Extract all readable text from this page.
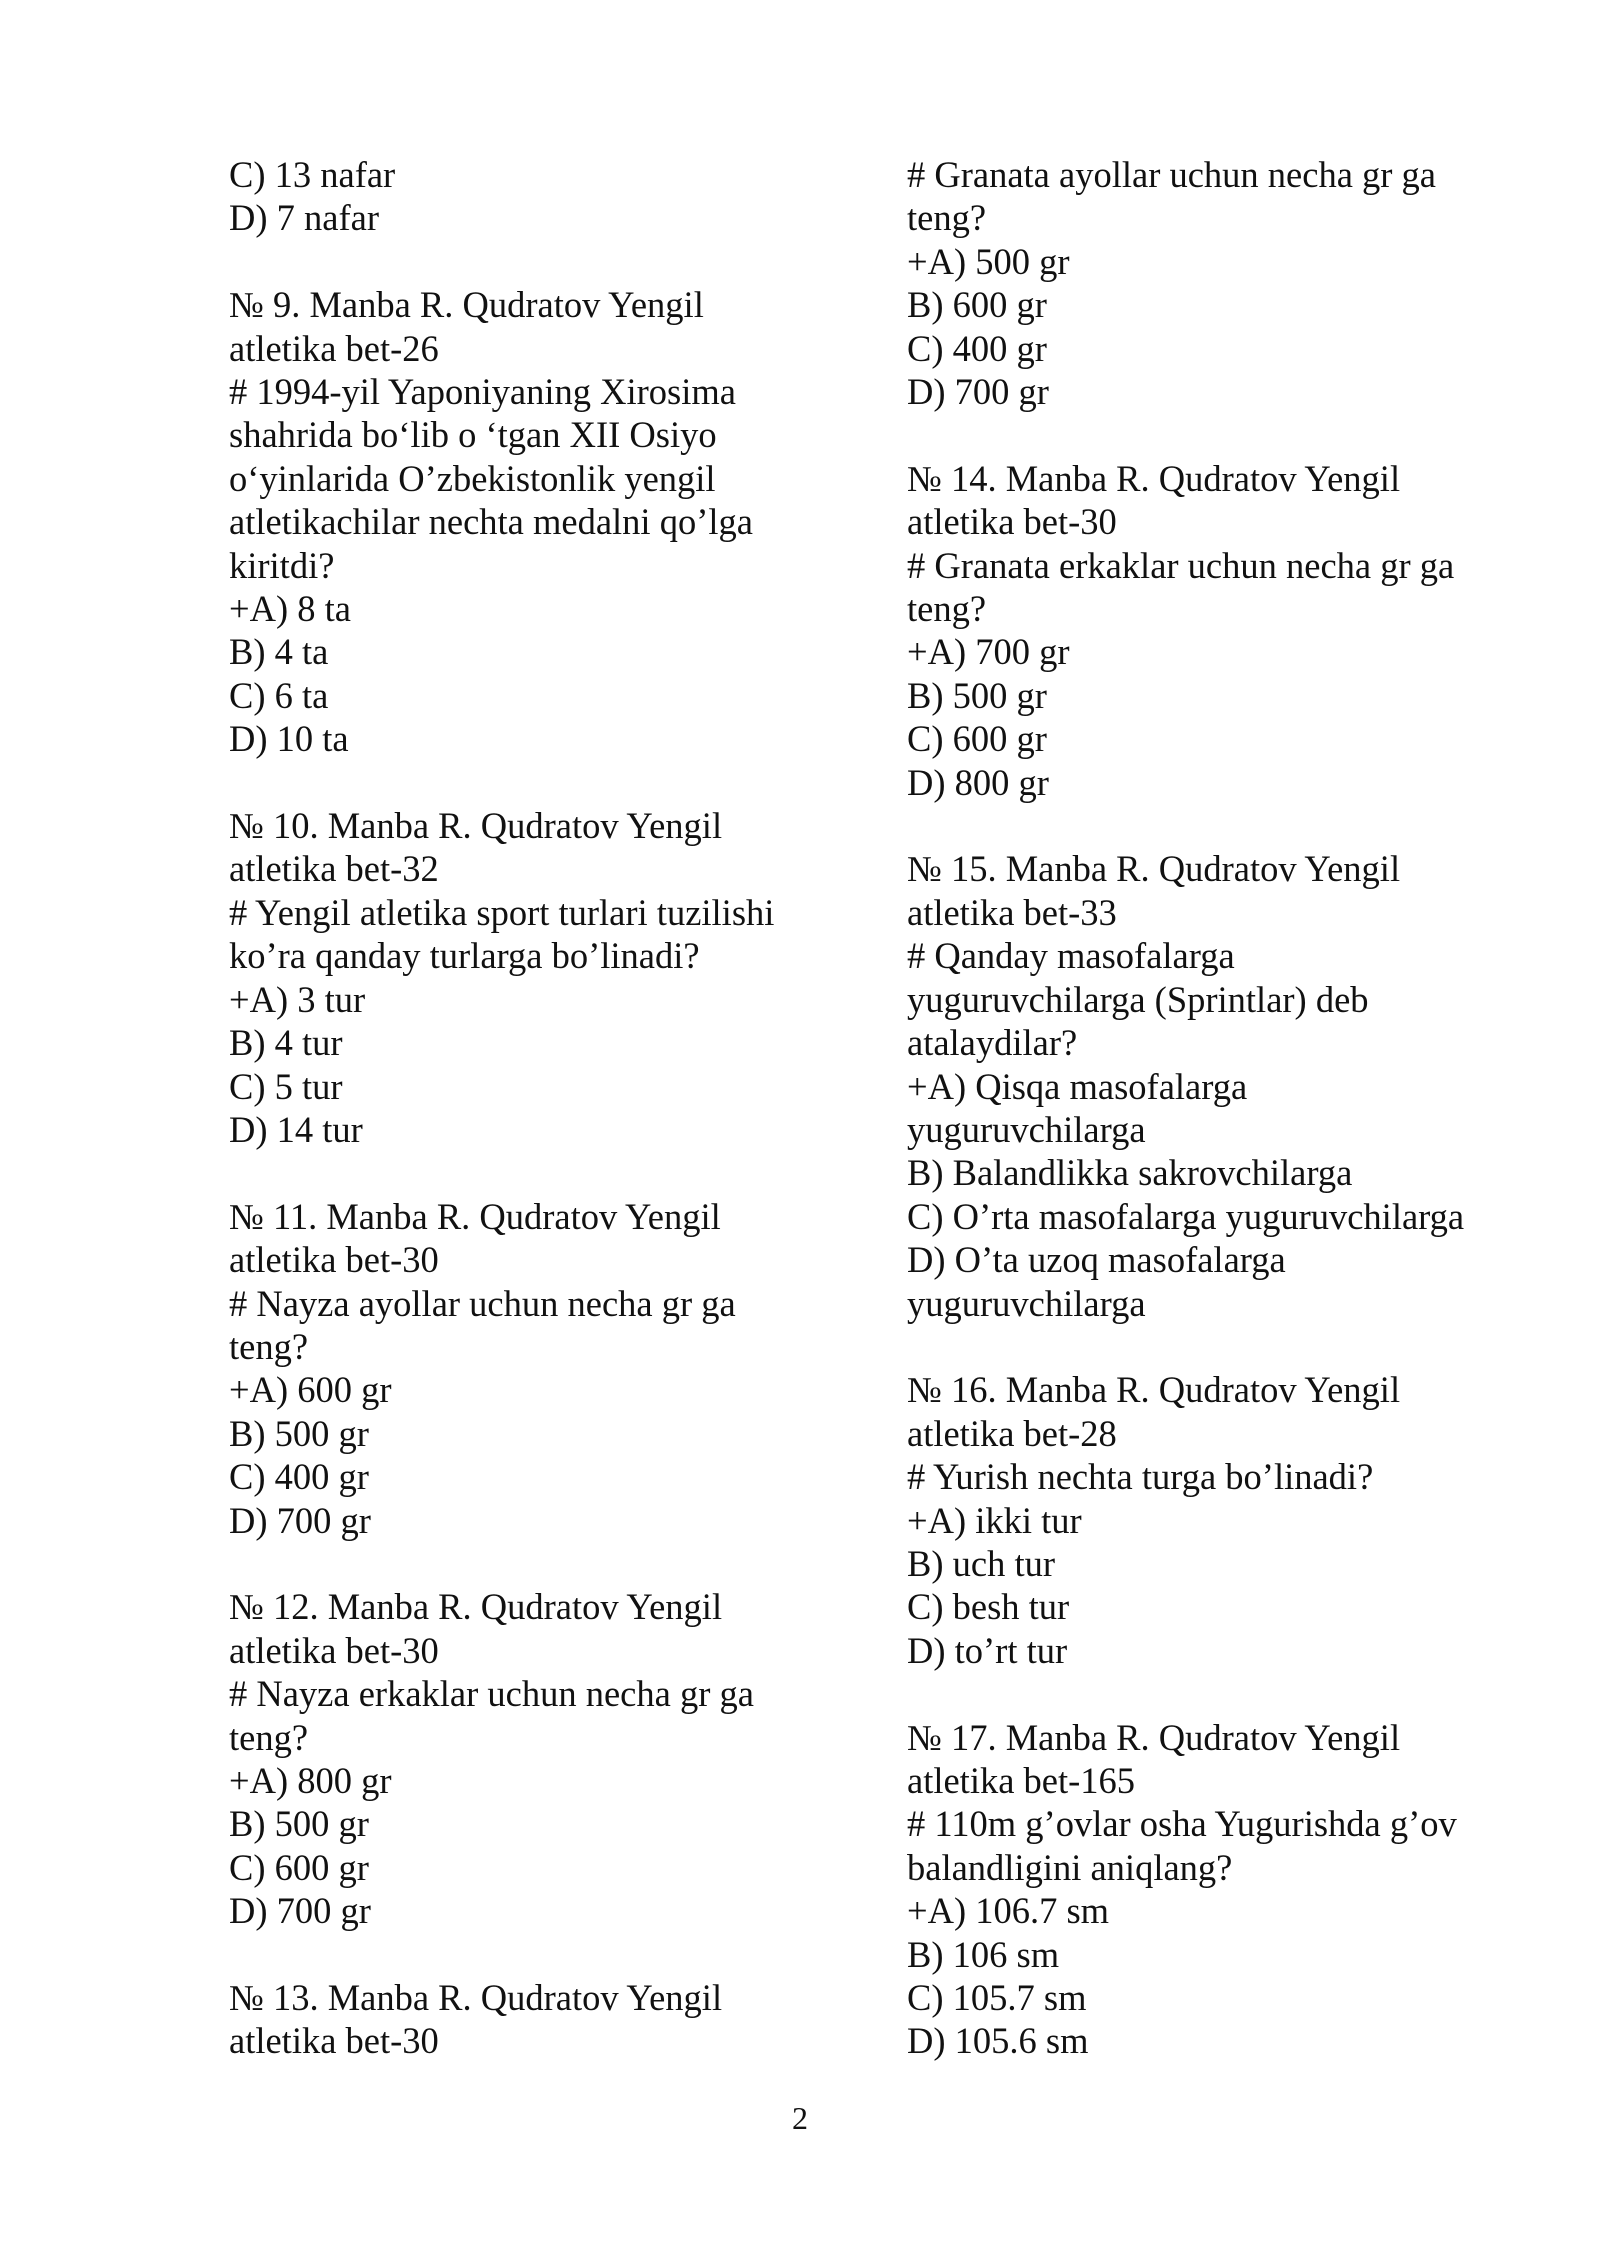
C) 13 nafar
D) 7 nafar
№ 9. Manba R. Qudratov Yengil
atletika bet-26
# 1994-yil Yaponiyaning Xirosima
shahrida bo‘lib o ‘tgan XII Osiyo
o‘yinlarida O’zbekistonlik yengil
atletikachilar nechta medalni qo’lga
kiritdi?
+A) 8 ta
B) 4 ta
C) 6 ta
D) 10 ta
№ 10. Manba R. Qudratov Yengil
atletika bet-32
# Yengil atletika sport turlari tuzilishi
ko’ra qanday turlarga bo’linadi?
+A) 3 tur
B) 4 tur
C) 5 tur
D) 14 tur
№ 11. Manba R. Qudratov Yengil
atletika bet-30
# Nayza ayollar uchun necha gr ga
teng?
+A) 600 gr
B) 500 gr
C) 400 gr
D) 700 gr
№ 12. Manba R. Qudratov Yengil
atletika bet-30
# Nayza erkaklar uchun necha gr ga
teng?
+A) 800 gr
B) 500 gr
C) 600 gr
D) 700 gr
№ 13. Manba R. Qudratov Yengil
atletika bet-30
# Granata ayollar uchun necha gr ga
teng?
+A) 500 gr
B) 600 gr
C) 400 gr
D) 700 gr
№ 14. Manba R. Qudratov Yengil
atletika bet-30
# Granata erkaklar uchun necha gr ga
teng?
+A) 700 gr
B) 500 gr
C) 600 gr
D) 800 gr
№ 15. Manba R. Qudratov Yengil
atletika bet-33
# Qanday masofalarga
yuguruvchilarga (Sprintlar) deb
atalaydilar?
+A) Qisqa masofalarga
yuguruvchilarga
B) Balandlikka sakrovchilarga
C) O’rta masofalarga yuguruvchilarga
D) O’ta uzoq masofalarga
yuguruvchilarga
№ 16. Manba R. Qudratov Yengil
atletika bet-28
# Yurish nechta turga bo’linadi?
+A) ikki tur
B) uch tur
C) besh tur
D) to’rt tur
№ 17. Manba R. Qudratov Yengil
atletika bet-165
# 110m g’ovlar osha Yugurishda g’ov
balandligini aniqlang?
+A) 106.7 sm
B) 106 sm
C) 105.7 sm
D) 105.6 sm
2
